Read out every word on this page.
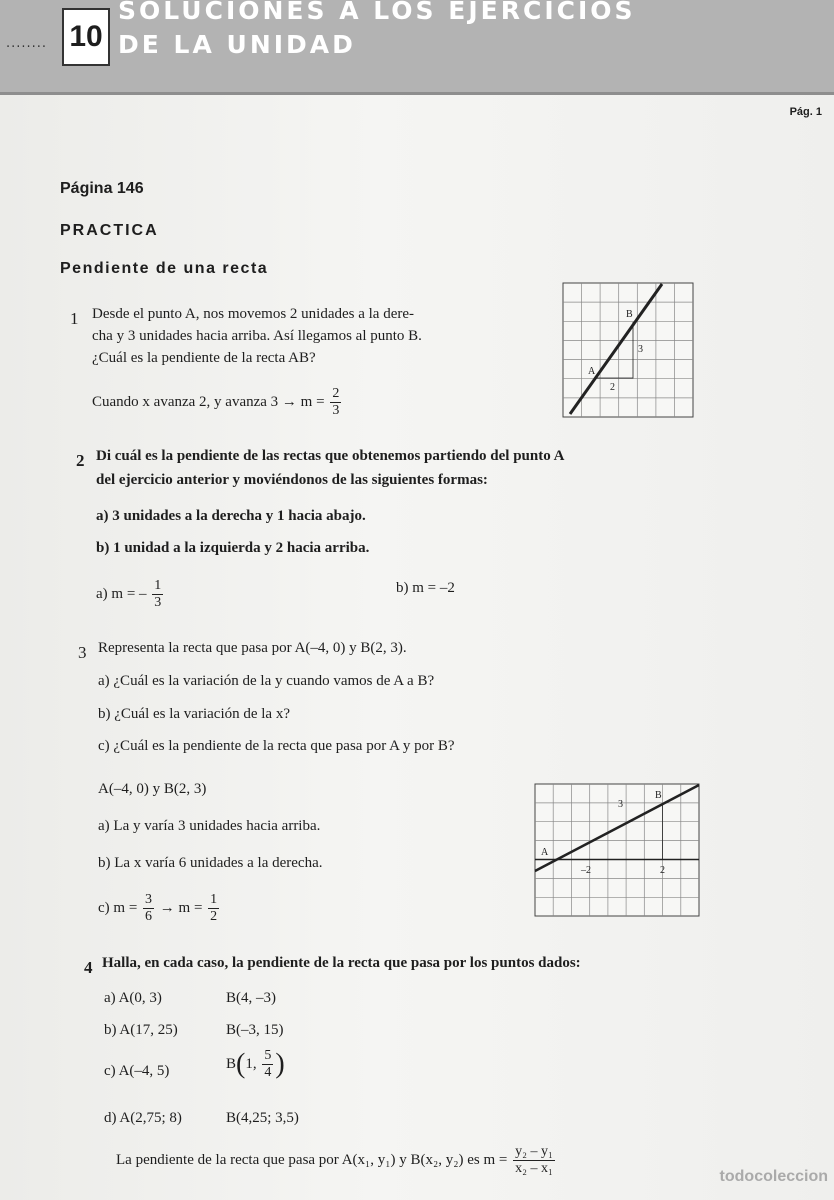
........ 10
SOLUCIONES A LOS EJERCICIOS
DE LA UNIDAD
Pág. 1
Página 146
PRACTICA
Pendiente de una recta
1 Desde el punto A, nos movemos 2 unidades a la dere-
cha y 3 unidades hacia arriba. Así llegamos al punto B.
¿Cuál es la pendiente de la recta AB?
Cuando x avanza 2, y avanza $3 \to m = \frac{2}{3}$
A
B
2
3
2 Di cuál es la pendiente de las rectas que obtenemos partiendo del punto A
del ejercicio anterior y moviéndonos de las siguientes formas:
a) 3 unidades a la derecha y 1 hacia abajo.
b) 1 unidad a la izquierda y 2 hacia arriba.
a) m = – $\frac{1}{3}$	b) m = –2
3 Representa la recta que pasa por A(–4, 0) y B(2, 3).
a) ¿Cuál es la variación de la y cuando vamos de A a B?
b) ¿Cuál es la variación de la x?
c) ¿Cuál es la pendiente de la recta que pasa por A y por B?
A(–4, 0) y B(2, 3)
a) La y varía 3 unidades hacia arriba.
b) La x varía 6 unidades a la derecha.
c) $m = \frac{3}{6} \to m = \frac{1}{2}$
A
B
3
–2	2
4 Halla, en cada caso, la pendiente de la recta que pasa por los puntos dados:
a) A(0, 3)	B(4, –3)
b) A(17, 25)	B(–3, 15)
c) A(–4, 5)	B(1, $\frac{5}{4}$ )
d) A(2,75; 8)	B(4,25; 3,5)
La pendiente de la recta que pasa por A(x₁, y₁) y B(x₂, y₂) es $m = \frac{\text{y₂ – y₁}}{\text{x₂ – x₁}}$	todocoleccion
